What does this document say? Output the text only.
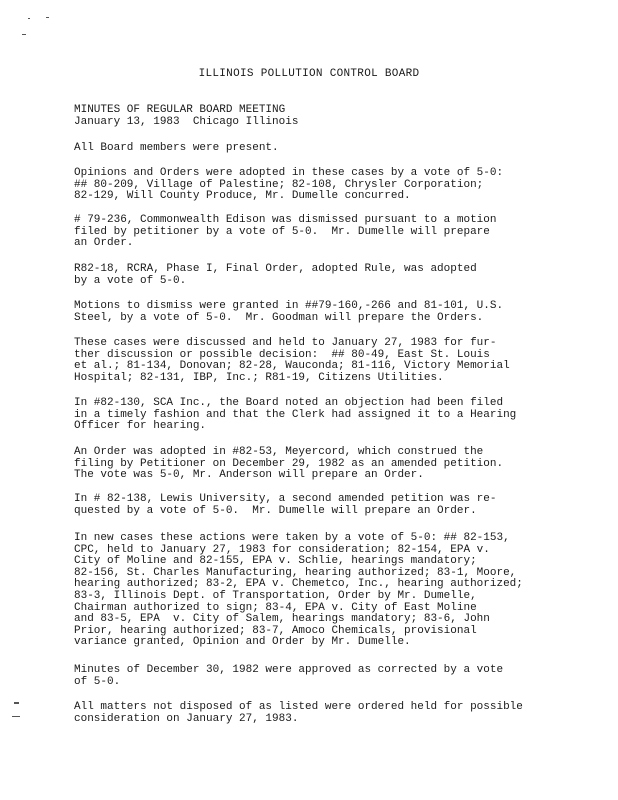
ILLINOIS POLLUTION CONTROL BOARD
MINUTES OF REGULAR BOARD MEETING
January 13, 1983  Chicago Illinois
All Board members were present.
Opinions and Orders were adopted in these cases by a vote of 5-0:
## 80-209, Village of Palestine; 82-108, Chrysler Corporation;
82-129, Will County Produce, Mr. Dumelle concurred.
# 79-236, Commonwealth Edison was dismissed pursuant to a motion
filed by petitioner by a vote of 5-0.  Mr. Dumelle will prepare
an Order.
R82-18, RCRA, Phase I, Final Order, adopted Rule, was adopted
by a vote of 5-0.
Motions to dismiss were granted in ##79-160,-266 and 81-101, U.S.
Steel, by a vote of 5-0.  Mr. Goodman will prepare the Orders.
These cases were discussed and held to January 27, 1983 for fur-
ther discussion or possible decision:  ## 80-49, East St. Louis
et al.; 81-134, Donovan; 82-28, Wauconda; 81-116, Victory Memorial
Hospital; 82-131, IBP, Inc.; R81-19, Citizens Utilities.
In #82-130, SCA Inc., the Board noted an objection had been filed
in a timely fashion and that the Clerk had assigned it to a Hearing
Officer for hearing.
An Order was adopted in #82-53, Meyercord, which construed the
filing by Petitioner on December 29, 1982 as an amended petition.
The vote was 5-0, Mr. Anderson will prepare an Order.
In # 82-138, Lewis University, a second amended petition was re-
quested by a vote of 5-0.  Mr. Dumelle will prepare an Order.
In new cases these actions were taken by a vote of 5-0: ## 82-153,
CPC, held to January 27, 1983 for consideration; 82-154, EPA v.
City of Moline and 82-155, EPA v. Schlie, hearings mandatory;
82-156, St. Charles Manufacturing, hearing authorized; 83-1, Moore,
hearing authorized; 83-2, EPA v. Chemetco, Inc., hearing authorized;
83-3, Illinois Dept. of Transportation, Order by Mr. Dumelle,
Chairman authorized to sign; 83-4, EPA v. City of East Moline
and 83-5, EPA  v. City of Salem, hearings mandatory; 83-6, John
Prior, hearing authorized; 83-7, Amoco Chemicals, provisional
variance granted, Opinion and Order by Mr. Dumelle.
Minutes of December 30, 1982 were approved as corrected by a vote
of 5-0.
All matters not disposed of as listed were ordered held for possible
consideration on January 27, 1983.
